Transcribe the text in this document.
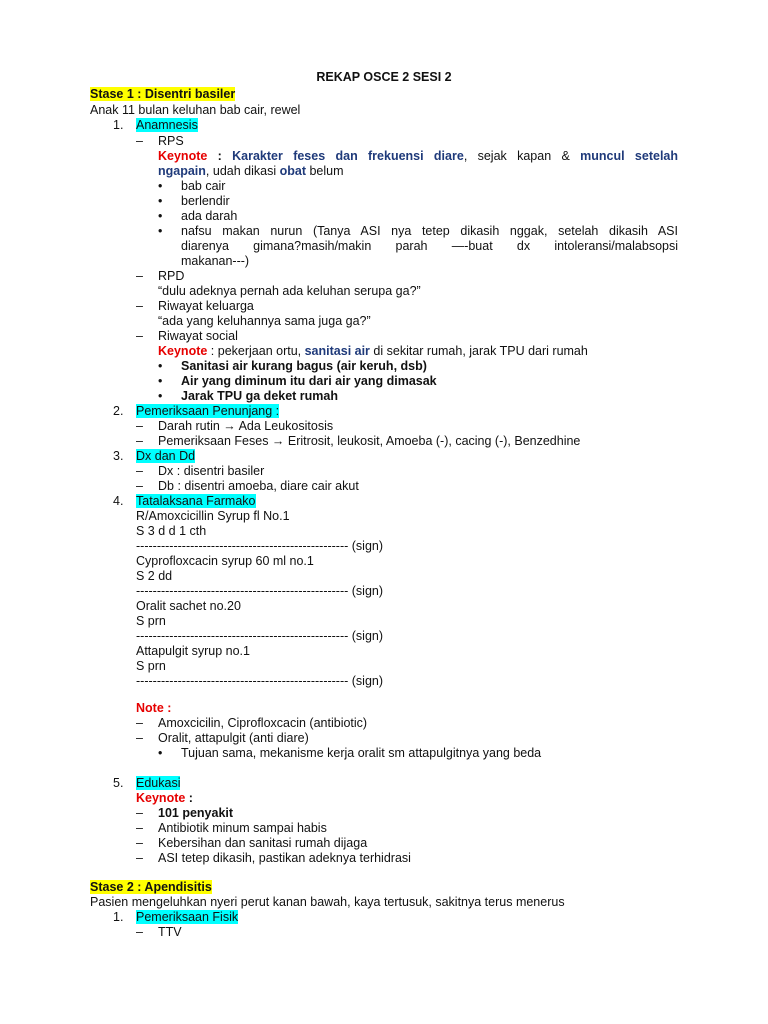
REKAP OSCE 2 SESI 2
Stase 1 : Disentri basiler
Anak 11 bulan keluhan bab cair, rewel
1. Anamnesis
– RPS
Keynote : Karakter feses dan frekuensi diare, sejak kapan & muncul setelah
ngapain, udah dikasi obat belum
• bab cair
• berlendir
• ada darah
• nafsu makan nurun (Tanya ASI nya tetep dikasih nggak, setelah dikasih ASI
diarenya gimana?masih/makin parah —-buat dx intoleransi/malabsopsi
makanan---)
– RPD
“dulu adeknya pernah ada keluhan serupa ga?”
– Riwayat keluarga
“ada yang keluhannya sama juga ga?”
– Riwayat social
Keynote : pekerjaan ortu, sanitasi air di sekitar rumah, jarak TPU dari rumah
• Sanitasi air kurang bagus (air keruh, dsb)
• Air yang diminum itu dari air yang dimasak
• Jarak TPU ga deket rumah
2. Pemeriksaan Penunjang :
– Darah rutin → Ada Leukositosis
– Pemeriksaan Feses → Eritrosit, leukosit, Amoeba (-), cacing (-), Benzedhine
3. Dx dan Dd
– Dx : disentri basiler
– Db : disentri amoeba, diare cair akut
4. Tatalaksana Farmako
R/Amoxcicillin Syrup fl No.1
S 3 d d 1 cth
--------------------------------------------------- (sign)
Cyprofloxcacin syrup 60 ml no.1
S 2 dd
--------------------------------------------------- (sign)
Oralit sachet no.20
S prn
--------------------------------------------------- (sign)
Attapulgit syrup no.1
S prn
--------------------------------------------------- (sign)
Note :
– Amoxcicilin, Ciprofloxcacin (antibiotic)
– Oralit, attapulgit (anti diare)
• Tujuan sama, mekanisme kerja oralit sm attapulgitnya yang beda
5. Edukasi
Keynote :
– 101 penyakit
– Antibiotik minum sampai habis
– Kebersihan dan sanitasi rumah dijaga
– ASI tetep dikasih, pastikan adeknya terhidrasi
Stase 2 : Apendisitis
Pasien mengeluhkan nyeri perut kanan bawah, kaya tertusuk, sakitnya terus menerus
1. Pemeriksaan Fisik
– TTV
